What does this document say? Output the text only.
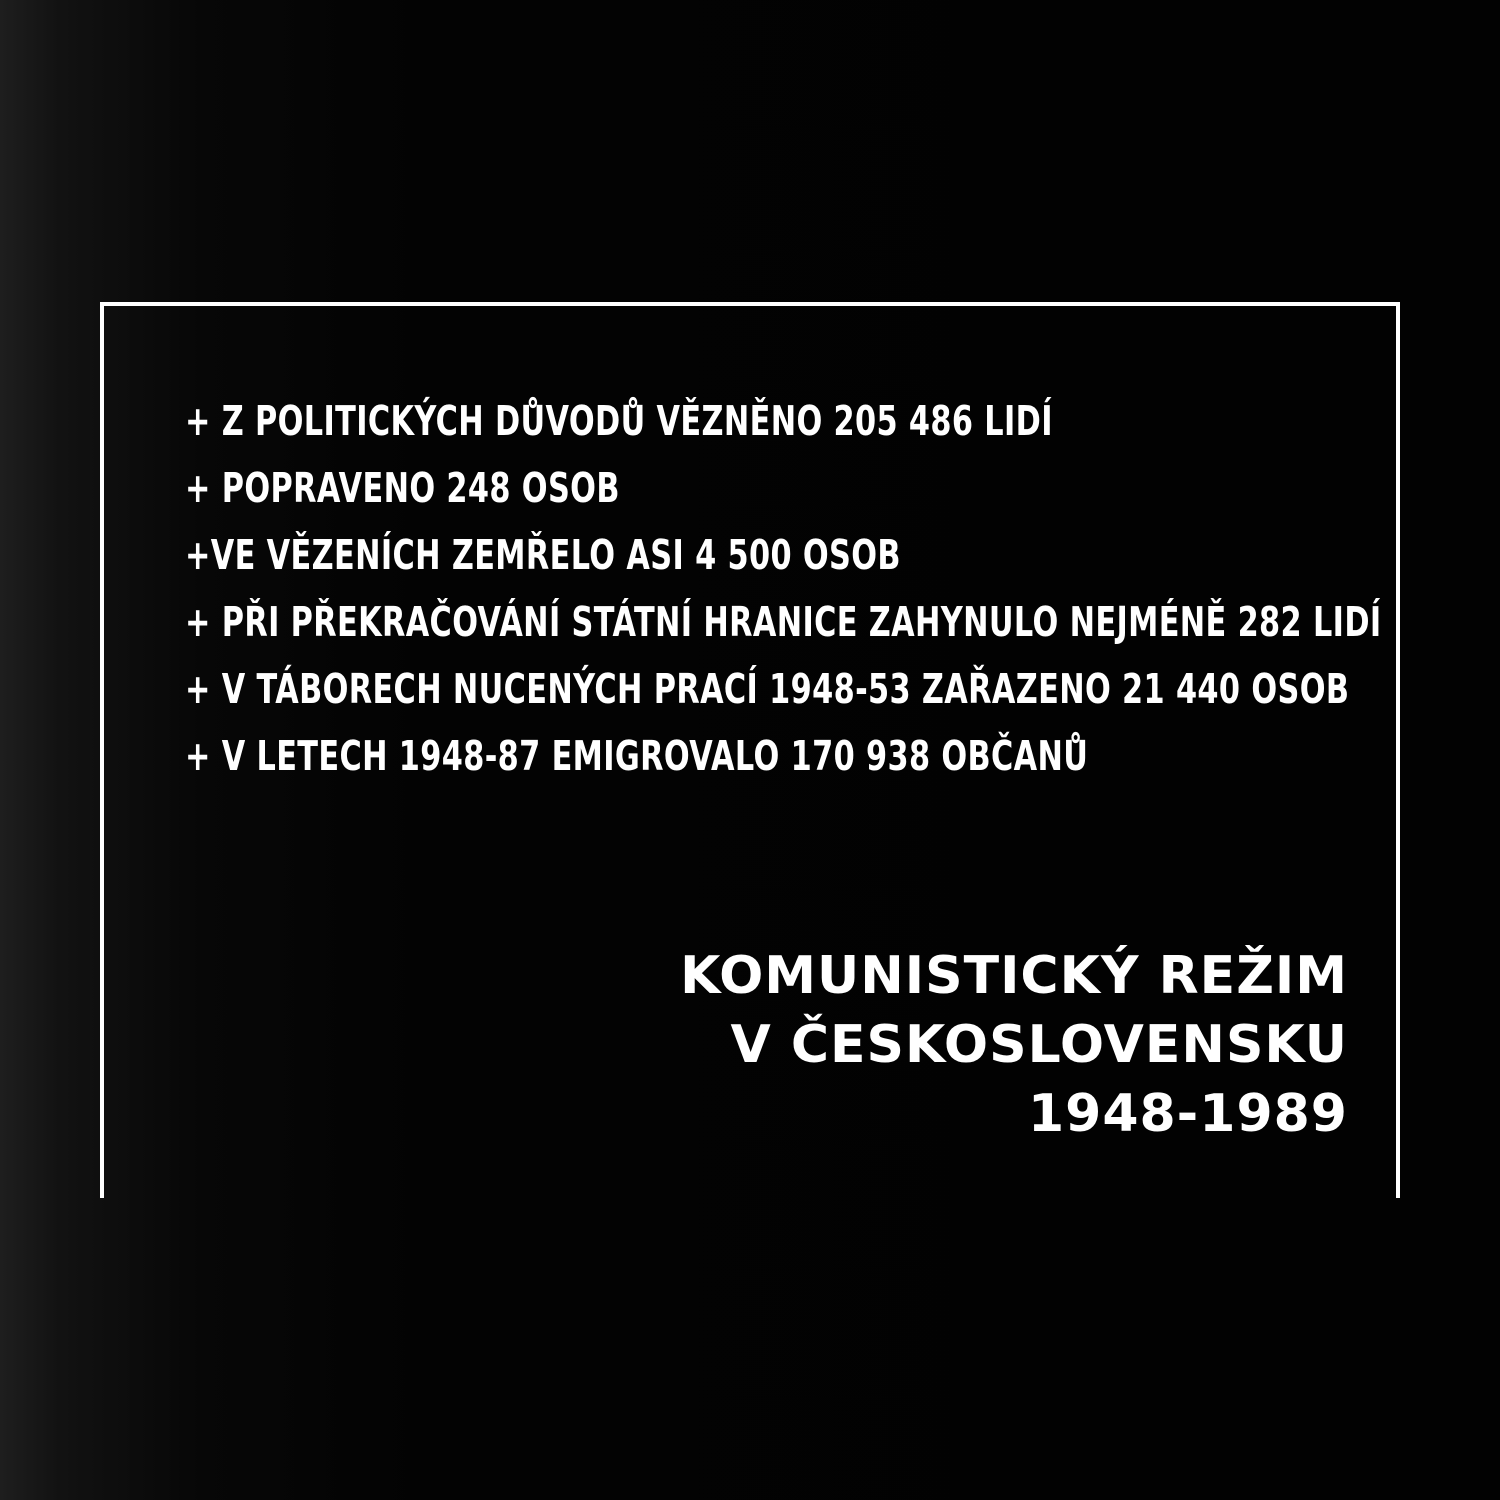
+ Z POLITICKÝCH DŮVODŮ VĚZNĚNO 205 486 LIDÍ
+ POPRAVENO 248 OSOB
+VE VĚZENÍCH ZEMŘELO ASI 4 500 OSOB
+ PŘI PŘEKRAČOVÁNÍ STÁTNÍ HRANICE ZAHYNULO NEJMÉNĚ 282 LIDÍ
+ V TÁBORECH NUCENÝCH PRACÍ 1948-53 ZAŘAZENO 21 440 OSOB
+ V LETECH 1948-87 EMIGROVALO 170 938 OBČANŮ
KOMUNISTICKÝ REŽIM
V ČESKOSLOVENSKU
1948-1989
